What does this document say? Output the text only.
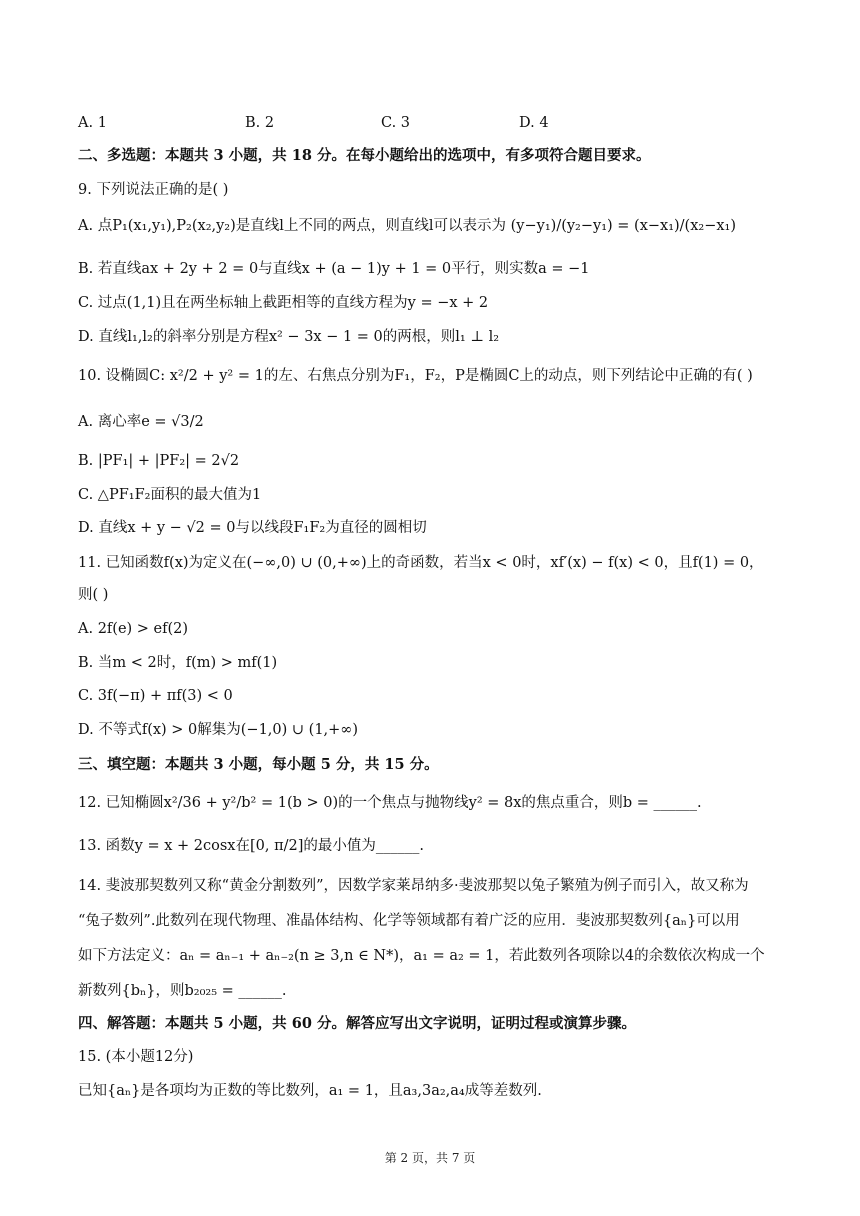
A. 1	B. 2	C. 3	D. 4
二、多选题：本题共 3 小题，共 18 分。在每小题给出的选项中，有多项符合题目要求。
9. 下列说法正确的是( )
A. 点P₁(x₁,y₁),P₂(x₂,y₂)是直线l上不同的两点，则直线l可以表示为 (y−y₁)/(y₂−y₁) = (x−x₁)/(x₂−x₁)
B. 若直线ax + 2y + 2 = 0与直线x + (a − 1)y + 1 = 0平行，则实数a = −1
C. 过点(1,1)且在两坐标轴上截距相等的直线方程为y = −x + 2
D. 直线l₁,l₂的斜率分别是方程x² − 3x − 1 = 0的两根，则l₁ ⊥ l₂
10. 设椭圆C: x²/2 + y² = 1的左、右焦点分别为F₁，F₂，P是椭圆C上的动点，则下列结论中正确的有( )
A. 离心率e = √3/2
B. |PF₁| + |PF₂| = 2√2
C. △PF₁F₂面积的最大值为1
D. 直线x + y − √2 = 0与以线段F₁F₂为直径的圆相切
11. 已知函数f(x)为定义在(−∞,0) ∪ (0,+∞)上的奇函数，若当x < 0时，xf′(x) − f(x) < 0，且f(1) = 0，
则( )
A. 2f(e) > ef(2)
B. 当m < 2时，f(m) > mf(1)
C. 3f(−π) + πf(3) < 0
D. 不等式f(x) > 0解集为(−1,0) ∪ (1,+∞)
三、填空题：本题共 3 小题，每小题 5 分，共 15 分。
12. 已知椭圆x²/36 + y²/b² = 1(b > 0)的一个焦点与抛物线y² = 8x的焦点重合，则b = ______.
13. 函数y = x + 2cosx在[0, π/2]的最小值为______.
14. 斐波那契数列又称“黄金分割数列”，因数学家莱昂纳多·斐波那契以兔子繁殖为例子而引入，故又称为
“兔子数列”.此数列在现代物理、准晶体结构、化学等领域都有着广泛的应用．斐波那契数列{aₙ}可以用
如下方法定义：aₙ = aₙ₋₁ + aₙ₋₂(n ≥ 3,n ∈ N*)，a₁ = a₂ = 1，若此数列各项除以4的余数依次构成一个
新数列{bₙ}，则b₂₀₂₅ = ______.
四、解答题：本题共 5 小题，共 60 分。解答应写出文字说明，证明过程或演算步骤。
15. (本小题12分)
已知{aₙ}是各项均为正数的等比数列，a₁ = 1，且a₃,3a₂,a₄成等差数列.
第 2 页，共 7 页
